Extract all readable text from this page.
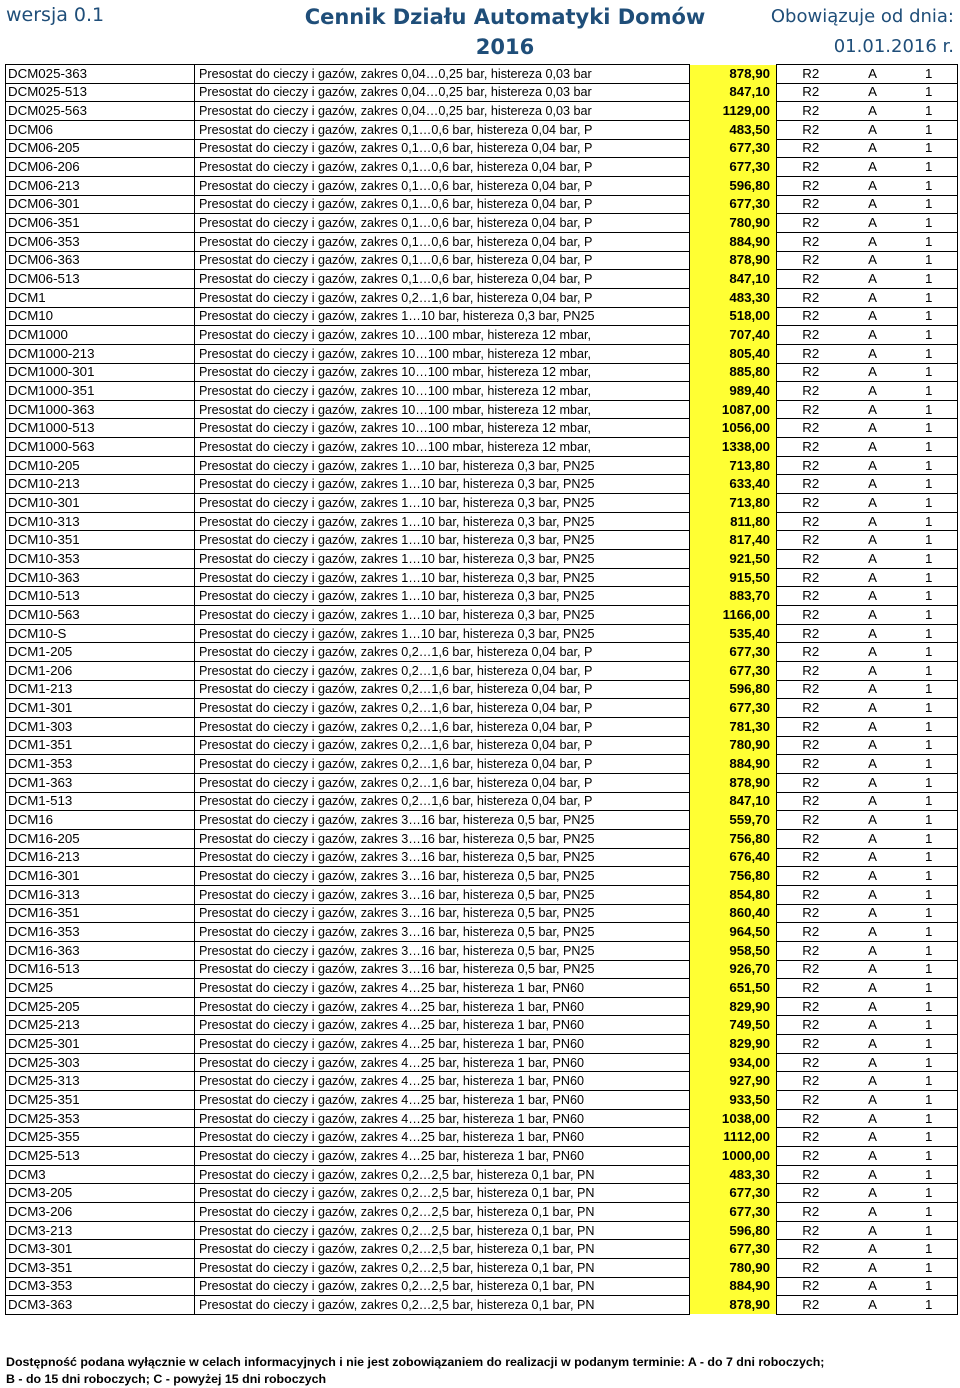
wersja 0.1	Cennik Działu Automatyki Domów
2016
Obowiązuje od dnia:
01.01.2016 r.
DCM025-363	Presostat do cieczy i gazów, zakres 0,04…0,25 bar, histereza 0,03 bar	878,90	R2	A	1
DCM025-513	Presostat do cieczy i gazów, zakres 0,04…0,25 bar, histereza 0,03 bar	847,10	R2	A	1
DCM025-563	Presostat do cieczy i gazów, zakres 0,04…0,25 bar, histereza 0,03 bar	1129,00	R2	A	1
DCM06	Presostat do cieczy i gazów, zakres 0,1…0,6 bar, histereza 0,04 bar, P	483,50	R2	A	1
DCM06-205	Presostat do cieczy i gazów, zakres 0,1…0,6 bar, histereza 0,04 bar, P	677,30	R2	A	1
DCM06-206	Presostat do cieczy i gazów, zakres 0,1…0,6 bar, histereza 0,04 bar, P	677,30	R2	A	1
DCM06-213	Presostat do cieczy i gazów, zakres 0,1…0,6 bar, histereza 0,04 bar, P	596,80	R2	A	1
DCM06-301	Presostat do cieczy i gazów, zakres 0,1…0,6 bar, histereza 0,04 bar, P	677,30	R2	A	1
DCM06-351	Presostat do cieczy i gazów, zakres 0,1…0,6 bar, histereza 0,04 bar, P	780,90	R2	A	1
DCM06-353	Presostat do cieczy i gazów, zakres 0,1…0,6 bar, histereza 0,04 bar, P	884,90	R2	A	1
DCM06-363	Presostat do cieczy i gazów, zakres 0,1…0,6 bar, histereza 0,04 bar, P	878,90	R2	A	1
DCM06-513	Presostat do cieczy i gazów, zakres 0,1…0,6 bar, histereza 0,04 bar, P	847,10	R2	A	1
DCM1	Presostat do cieczy i gazów, zakres 0,2…1,6 bar, histereza 0,04 bar, P	483,30	R2	A	1
DCM10	Presostat do cieczy i gazów, zakres 1…10 bar, histereza 0,3 bar, PN25	518,00	R2	A	1
DCM1000	Presostat do cieczy i gazów, zakres 10…100 mbar, histereza 12 mbar,	707,40	R2	A	1
DCM1000-213	Presostat do cieczy i gazów, zakres 10…100 mbar, histereza 12 mbar,	805,40	R2	A	1
DCM1000-301	Presostat do cieczy i gazów, zakres 10…100 mbar, histereza 12 mbar,	885,80	R2	A	1
DCM1000-351	Presostat do cieczy i gazów, zakres 10…100 mbar, histereza 12 mbar,	989,40	R2	A	1
DCM1000-363	Presostat do cieczy i gazów, zakres 10…100 mbar, histereza 12 mbar,	1087,00	R2	A	1
DCM1000-513	Presostat do cieczy i gazów, zakres 10…100 mbar, histereza 12 mbar,	1056,00	R2	A	1
DCM1000-563	Presostat do cieczy i gazów, zakres 10…100 mbar, histereza 12 mbar,	1338,00	R2	A	1
DCM10-205	Presostat do cieczy i gazów, zakres 1…10 bar, histereza 0,3 bar, PN25	713,80	R2	A	1
DCM10-213	Presostat do cieczy i gazów, zakres 1…10 bar, histereza 0,3 bar, PN25	633,40	R2	A	1
DCM10-301	Presostat do cieczy i gazów, zakres 1…10 bar, histereza 0,3 bar, PN25	713,80	R2	A	1
DCM10-313	Presostat do cieczy i gazów, zakres 1…10 bar, histereza 0,3 bar, PN25	811,80	R2	A	1
DCM10-351	Presostat do cieczy i gazów, zakres 1…10 bar, histereza 0,3 bar, PN25	817,40	R2	A	1
DCM10-353	Presostat do cieczy i gazów, zakres 1…10 bar, histereza 0,3 bar, PN25	921,50	R2	A	1
DCM10-363	Presostat do cieczy i gazów, zakres 1…10 bar, histereza 0,3 bar, PN25	915,50	R2	A	1
DCM10-513	Presostat do cieczy i gazów, zakres 1…10 bar, histereza 0,3 bar, PN25	883,70	R2	A	1
DCM10-563	Presostat do cieczy i gazów, zakres 1…10 bar, histereza 0,3 bar, PN25	1166,00	R2	A	1
DCM10-S	Presostat do cieczy i gazów, zakres 1…10 bar, histereza 0,3 bar, PN25	535,40	R2	A	1
DCM1-205	Presostat do cieczy i gazów, zakres 0,2…1,6 bar, histereza 0,04 bar, P	677,30	R2	A	1
DCM1-206	Presostat do cieczy i gazów, zakres 0,2…1,6 bar, histereza 0,04 bar, P	677,30	R2	A	1
DCM1-213	Presostat do cieczy i gazów, zakres 0,2…1,6 bar, histereza 0,04 bar, P	596,80	R2	A	1
DCM1-301	Presostat do cieczy i gazów, zakres 0,2…1,6 bar, histereza 0,04 bar, P	677,30	R2	A	1
DCM1-303	Presostat do cieczy i gazów, zakres 0,2…1,6 bar, histereza 0,04 bar, P	781,30	R2	A	1
DCM1-351	Presostat do cieczy i gazów, zakres 0,2…1,6 bar, histereza 0,04 bar, P	780,90	R2	A	1
DCM1-353	Presostat do cieczy i gazów, zakres 0,2…1,6 bar, histereza 0,04 bar, P	884,90	R2	A	1
DCM1-363	Presostat do cieczy i gazów, zakres 0,2…1,6 bar, histereza 0,04 bar, P	878,90	R2	A	1
DCM1-513	Presostat do cieczy i gazów, zakres 0,2…1,6 bar, histereza 0,04 bar, P	847,10	R2	A	1
DCM16	Presostat do cieczy i gazów, zakres 3…16 bar, histereza 0,5 bar, PN25	559,70	R2	A	1
DCM16-205	Presostat do cieczy i gazów, zakres 3…16 bar, histereza 0,5 bar, PN25	756,80	R2	A	1
DCM16-213	Presostat do cieczy i gazów, zakres 3…16 bar, histereza 0,5 bar, PN25	676,40	R2	A	1
DCM16-301	Presostat do cieczy i gazów, zakres 3…16 bar, histereza 0,5 bar, PN25	756,80	R2	A	1
DCM16-313	Presostat do cieczy i gazów, zakres 3…16 bar, histereza 0,5 bar, PN25	854,80	R2	A	1
DCM16-351	Presostat do cieczy i gazów, zakres 3…16 bar, histereza 0,5 bar, PN25	860,40	R2	A	1
DCM16-353	Presostat do cieczy i gazów, zakres 3…16 bar, histereza 0,5 bar, PN25	964,50	R2	A	1
DCM16-363	Presostat do cieczy i gazów, zakres 3…16 bar, histereza 0,5 bar, PN25	958,50	R2	A	1
DCM16-513	Presostat do cieczy i gazów, zakres 3…16 bar, histereza 0,5 bar, PN25	926,70	R2	A	1
DCM25	Presostat do cieczy i gazów, zakres 4…25 bar, histereza 1 bar, PN60	651,50	R2	A	1
DCM25-205	Presostat do cieczy i gazów, zakres 4…25 bar, histereza 1 bar, PN60	829,90	R2	A	1
DCM25-213	Presostat do cieczy i gazów, zakres 4…25 bar, histereza 1 bar, PN60	749,50	R2	A	1
DCM25-301	Presostat do cieczy i gazów, zakres 4…25 bar, histereza 1 bar, PN60	829,90	R2	A	1
DCM25-303	Presostat do cieczy i gazów, zakres 4…25 bar, histereza 1 bar, PN60	934,00	R2	A	1
DCM25-313	Presostat do cieczy i gazów, zakres 4…25 bar, histereza 1 bar, PN60	927,90	R2	A	1
DCM25-351	Presostat do cieczy i gazów, zakres 4…25 bar, histereza 1 bar, PN60	933,50	R2	A	1
DCM25-353	Presostat do cieczy i gazów, zakres 4…25 bar, histereza 1 bar, PN60	1038,00	R2	A	1
DCM25-355	Presostat do cieczy i gazów, zakres 4…25 bar, histereza 1 bar, PN60	1112,00	R2	A	1
DCM25-513	Presostat do cieczy i gazów, zakres 4…25 bar, histereza 1 bar, PN60	1000,00	R2	A	1
DCM3	Presostat do cieczy i gazów, zakres 0,2…2,5 bar, histereza 0,1 bar, PN	483,30	R2	A	1
DCM3-205	Presostat do cieczy i gazów, zakres 0,2…2,5 bar, histereza 0,1 bar, PN	677,30	R2	A	1
DCM3-206	Presostat do cieczy i gazów, zakres 0,2…2,5 bar, histereza 0,1 bar, PN	677,30	R2	A	1
DCM3-213	Presostat do cieczy i gazów, zakres 0,2…2,5 bar, histereza 0,1 bar, PN	596,80	R2	A	1
DCM3-301	Presostat do cieczy i gazów, zakres 0,2…2,5 bar, histereza 0,1 bar, PN	677,30	R2	A	1
DCM3-351	Presostat do cieczy i gazów, zakres 0,2…2,5 bar, histereza 0,1 bar, PN	780,90	R2	A	1
DCM3-353	Presostat do cieczy i gazów, zakres 0,2…2,5 bar, histereza 0,1 bar, PN	884,90	R2	A	1
DCM3-363	Presostat do cieczy i gazów, zakres 0,2…2,5 bar, histereza 0,1 bar, PN	878,90	R2	A	1
Dostępność podana wyłącznie w celach informacyjnych i nie jest zobowiązaniem do realizacji w podanym terminie: A - do 7 dni roboczych;
B - do 15 dni roboczych; C - powyżej 15 dni roboczych
